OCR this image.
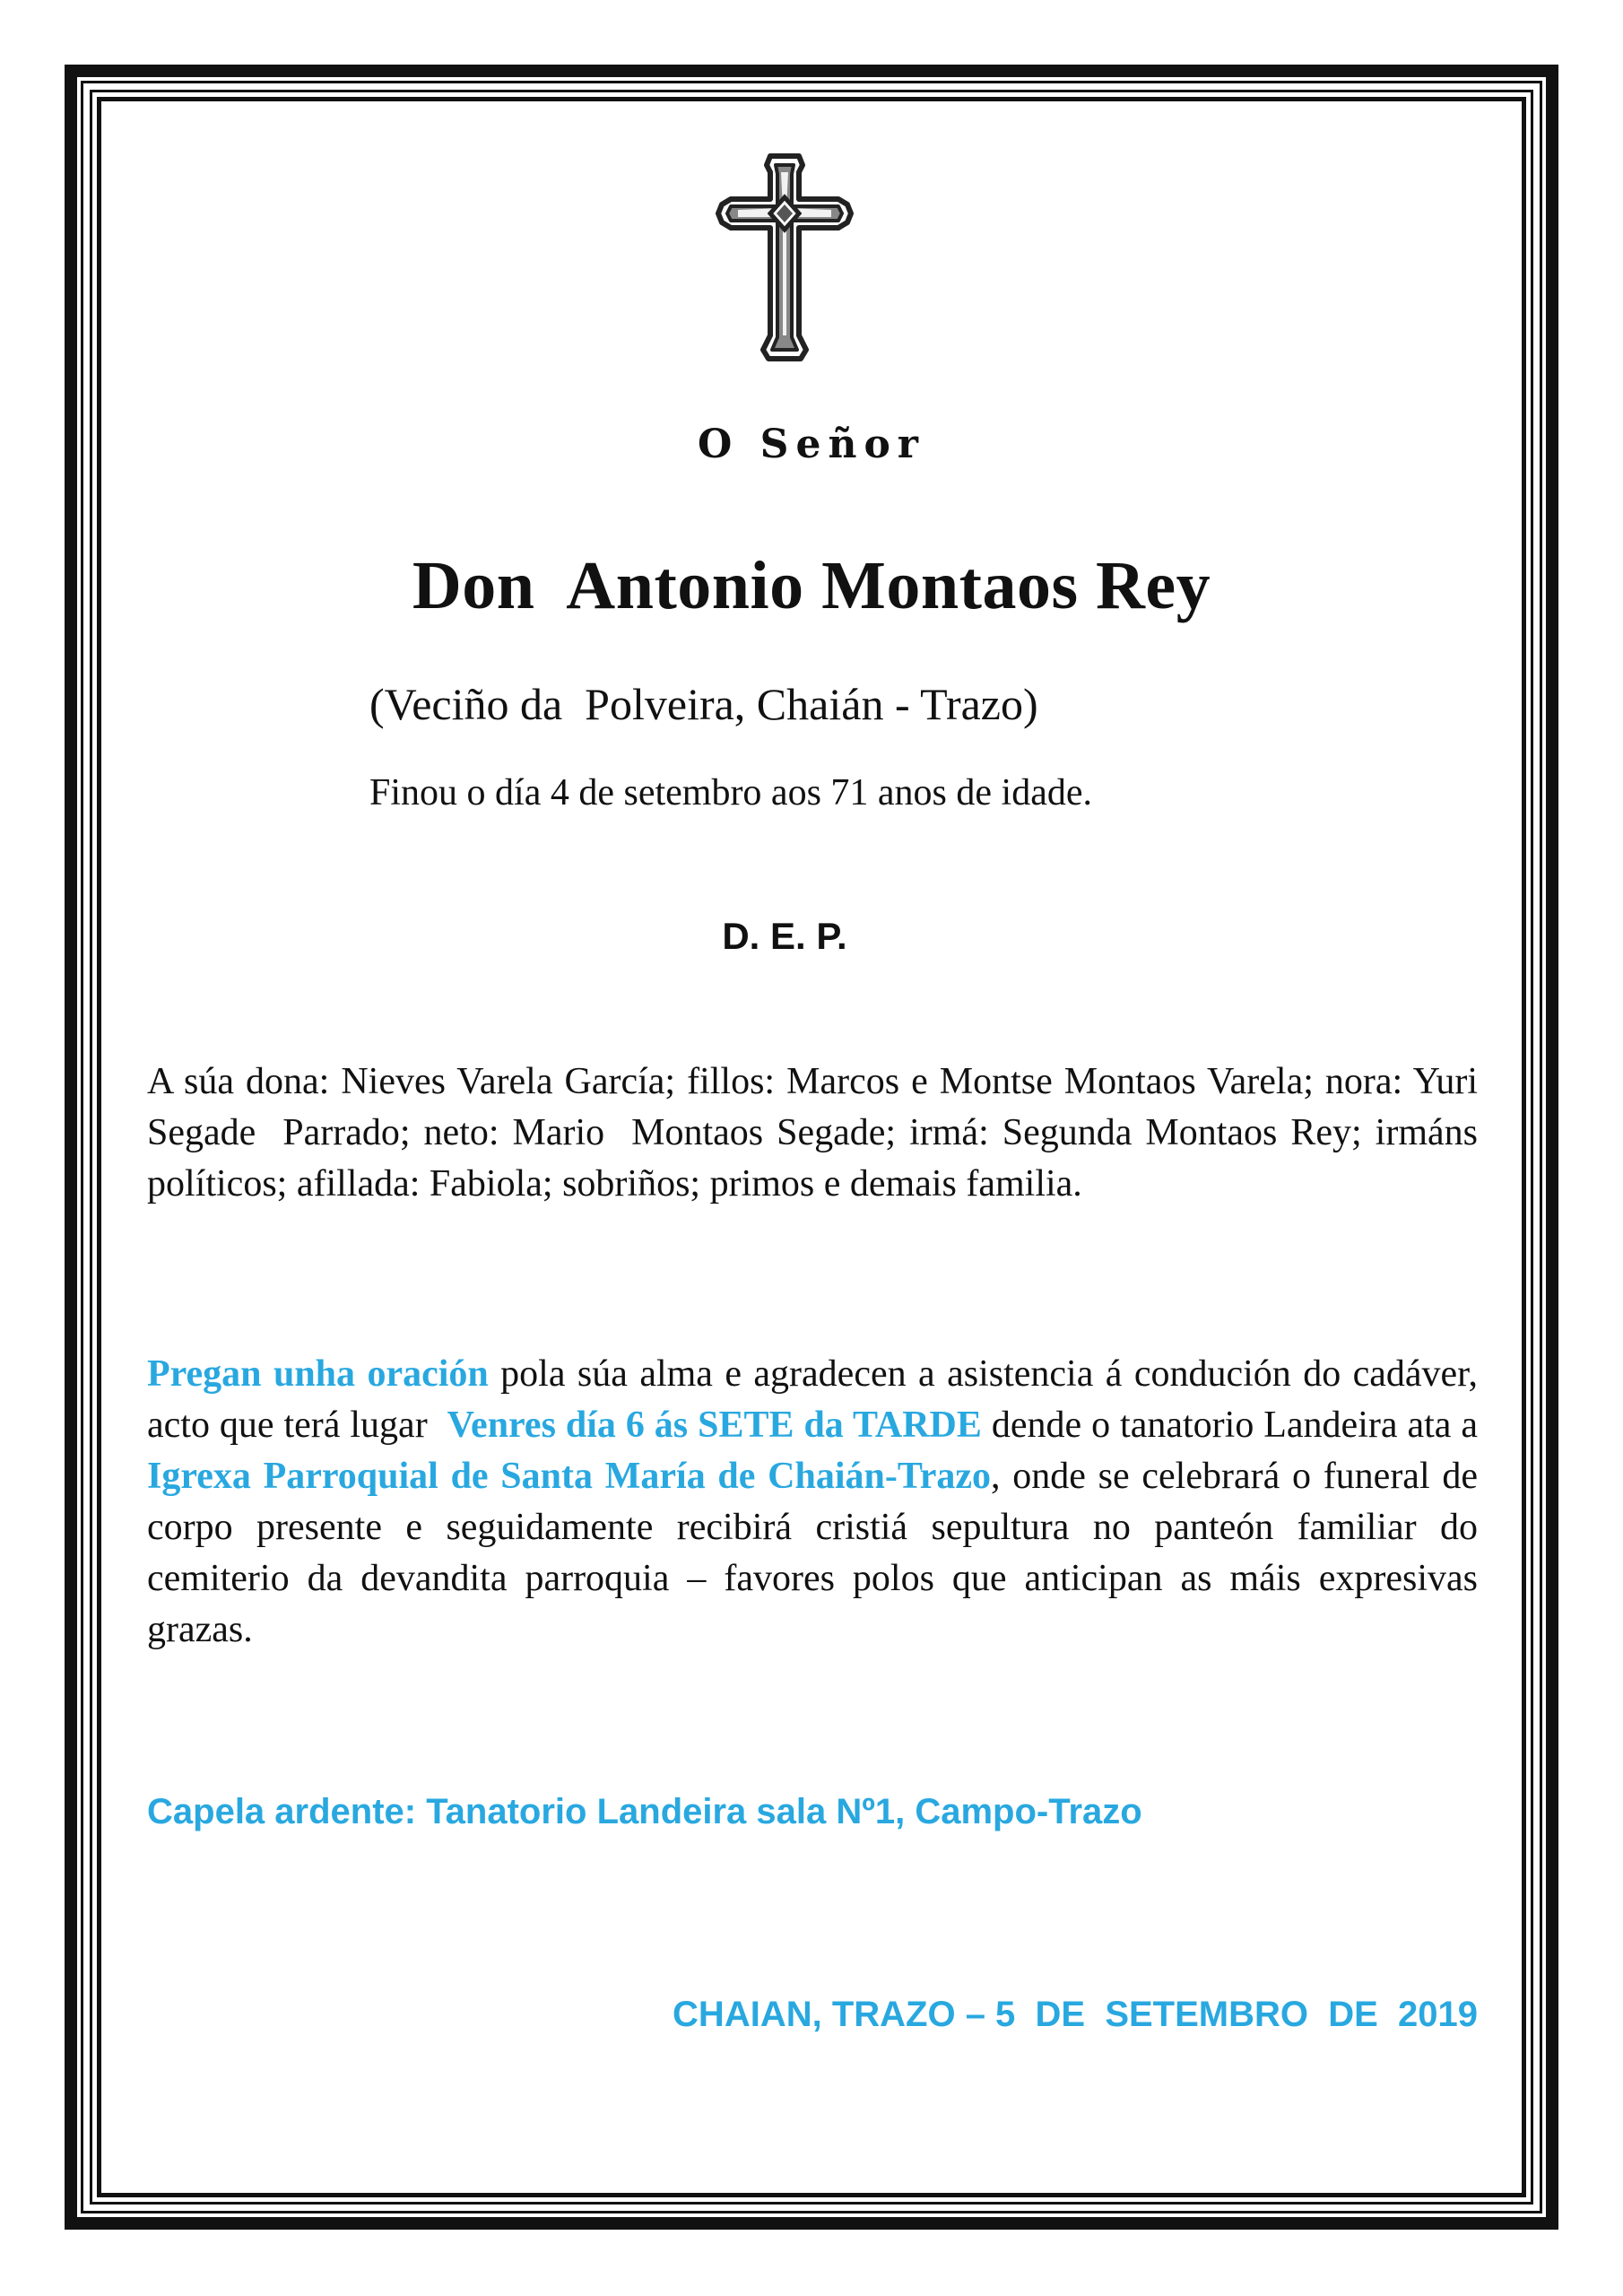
O Señor

Don  Antonio Montaos Rey

(Veciño da  Polveira, Chaián - Trazo)

Finou o día 4 de setembro aos 71 anos de idade.

D. E. P.

A súa dona: Nieves Varela García; fillos: Marcos e Montse Montaos Varela; nora: Yuri Segade  Parrado; neto: Mario  Montaos Segade; irmá: Segunda Montaos Rey; irmáns políticos; afillada: Fabiola; sobriños; primos e demais familia.

Pregan unha oración pola súa alma e agradecen a asistencia á condución do cadáver, acto que terá lugar  Venres día 6 ás SETE da TARDE dende o tanatorio Landeira ata a Igrexa Parroquial de Santa María de Chaián-Trazo, onde se celebrará o funeral de corpo presente e seguidamente recibirá cristiá sepultura no panteón familiar do cemiterio da devandita parroquia – favores polos que anticipan as máis expresivas grazas.

Capela ardente: Tanatorio Landeira sala Nº1, Campo-Trazo

CHAIAN, TRAZO – 5  DE  SETEMBRO  DE  2019
